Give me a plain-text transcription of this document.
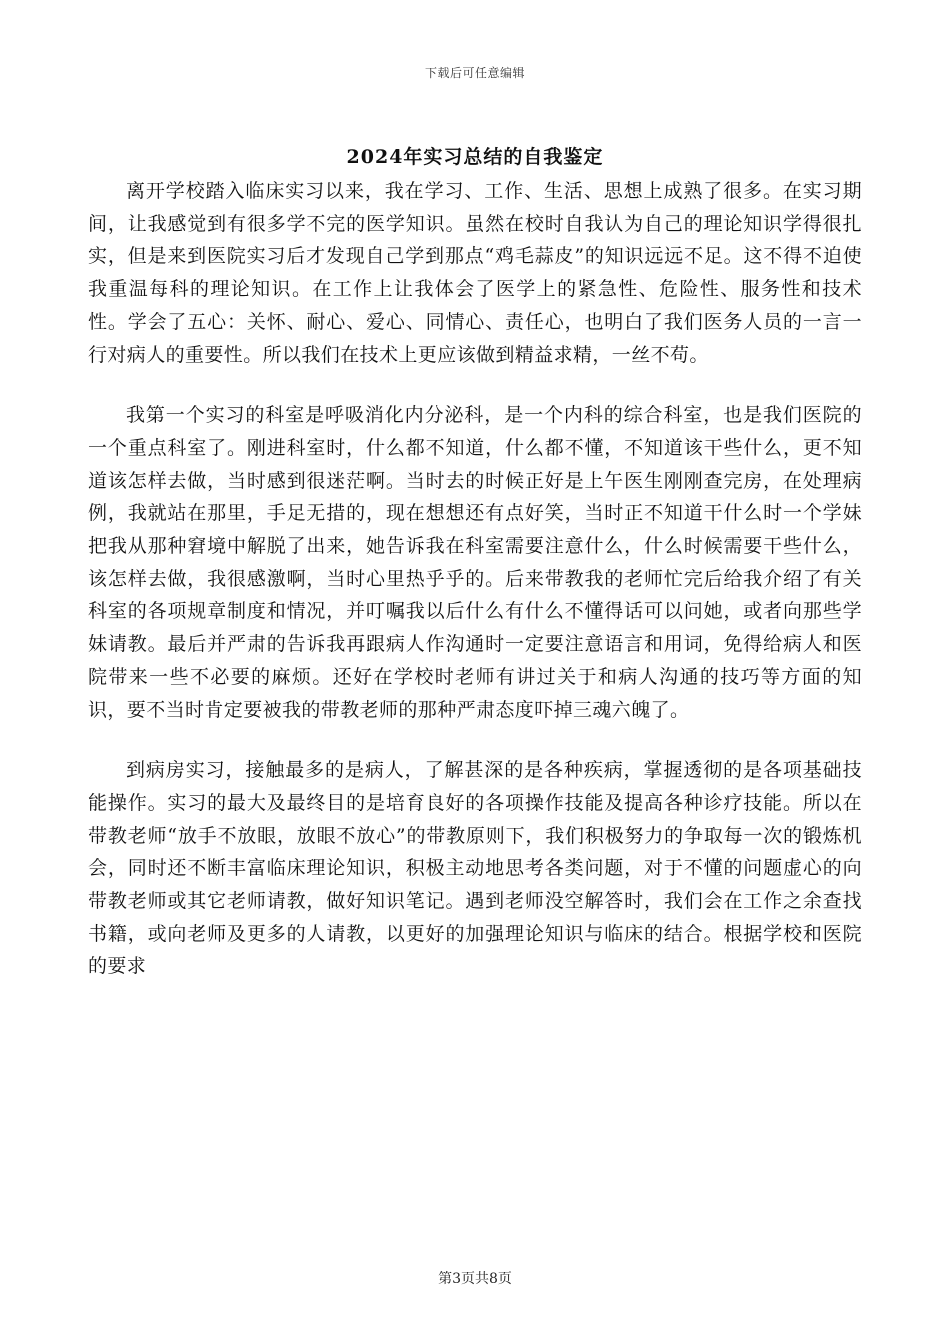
下载后可任意编辑
2024年实习总结的自我鉴定

离开学校踏入临床实习以来，我在学习、工作、生活、思想上成熟了很多。在实习期间，让我感觉到有很多学不完的医学知识。虽然在校时自我认为自己的理论知识学得很扎实，但是来到医院实习后才发现自己学到那点“鸡毛蒜皮”的知识远远不足。这不得不迫使我重温每科的理论知识。在工作上让我体会了医学上的紧急性、危险性、服务性和技术性。学会了五心：关怀、耐心、爱心、同情心、责任心，也明白了我们医务人员的一言一行对病人的重要性。所以我们在技术上更应该做到精益求精，一丝不苟。

我第一个实习的科室是呼吸消化内分泌科，是一个内科的综合科室，也是我们医院的一个重点科室了。刚进科室时，什么都不知道，什么都不懂，不知道该干些什么，更不知道该怎样去做，当时感到很迷茫啊。当时去的时候正好是上午医生刚刚查完房，在处理病例，我就站在那里，手足无措的，现在想想还有点好笑，当时正不知道干什么时一个学妹把我从那种窘境中解脱了出来，她告诉我在科室需要注意什么，什么时候需要干些什么，该怎样去做，我很感激啊，当时心里热乎乎的。后来带教我的老师忙完后给我介绍了有关科室的各项规章制度和情况，并叮嘱我以后什么有什么不懂得话可以问她，或者向那些学妹请教。最后并严肃的告诉我再跟病人作沟通时一定要注意语言和用词，免得给病人和医院带来一些不必要的麻烦。还好在学校时老师有讲过关于和病人沟通的技巧等方面的知识，要不当时肯定要被我的带教老师的那种严肃态度吓掉三魂六魄了。

到病房实习，接触最多的是病人，了解甚深的是各种疾病，掌握透彻的是各项基础技能操作。实习的最大及最终目的是培育良好的各项操作技能及提高各种诊疗技能。所以在带教老师“放手不放眼，放眼不放心”的带教原则下，我们积极努力的争取每一次的锻炼机会，同时还不断丰富临床理论知识，积极主动地思考各类问题，对于不懂的问题虚心的向带教老师或其它老师请教，做好知识笔记。遇到老师没空解答时，我们会在工作之余查找书籍，或向老师及更多的人请教，以更好的加强理论知识与临床的结合。根据学校和医院的要求

第3页共8页
